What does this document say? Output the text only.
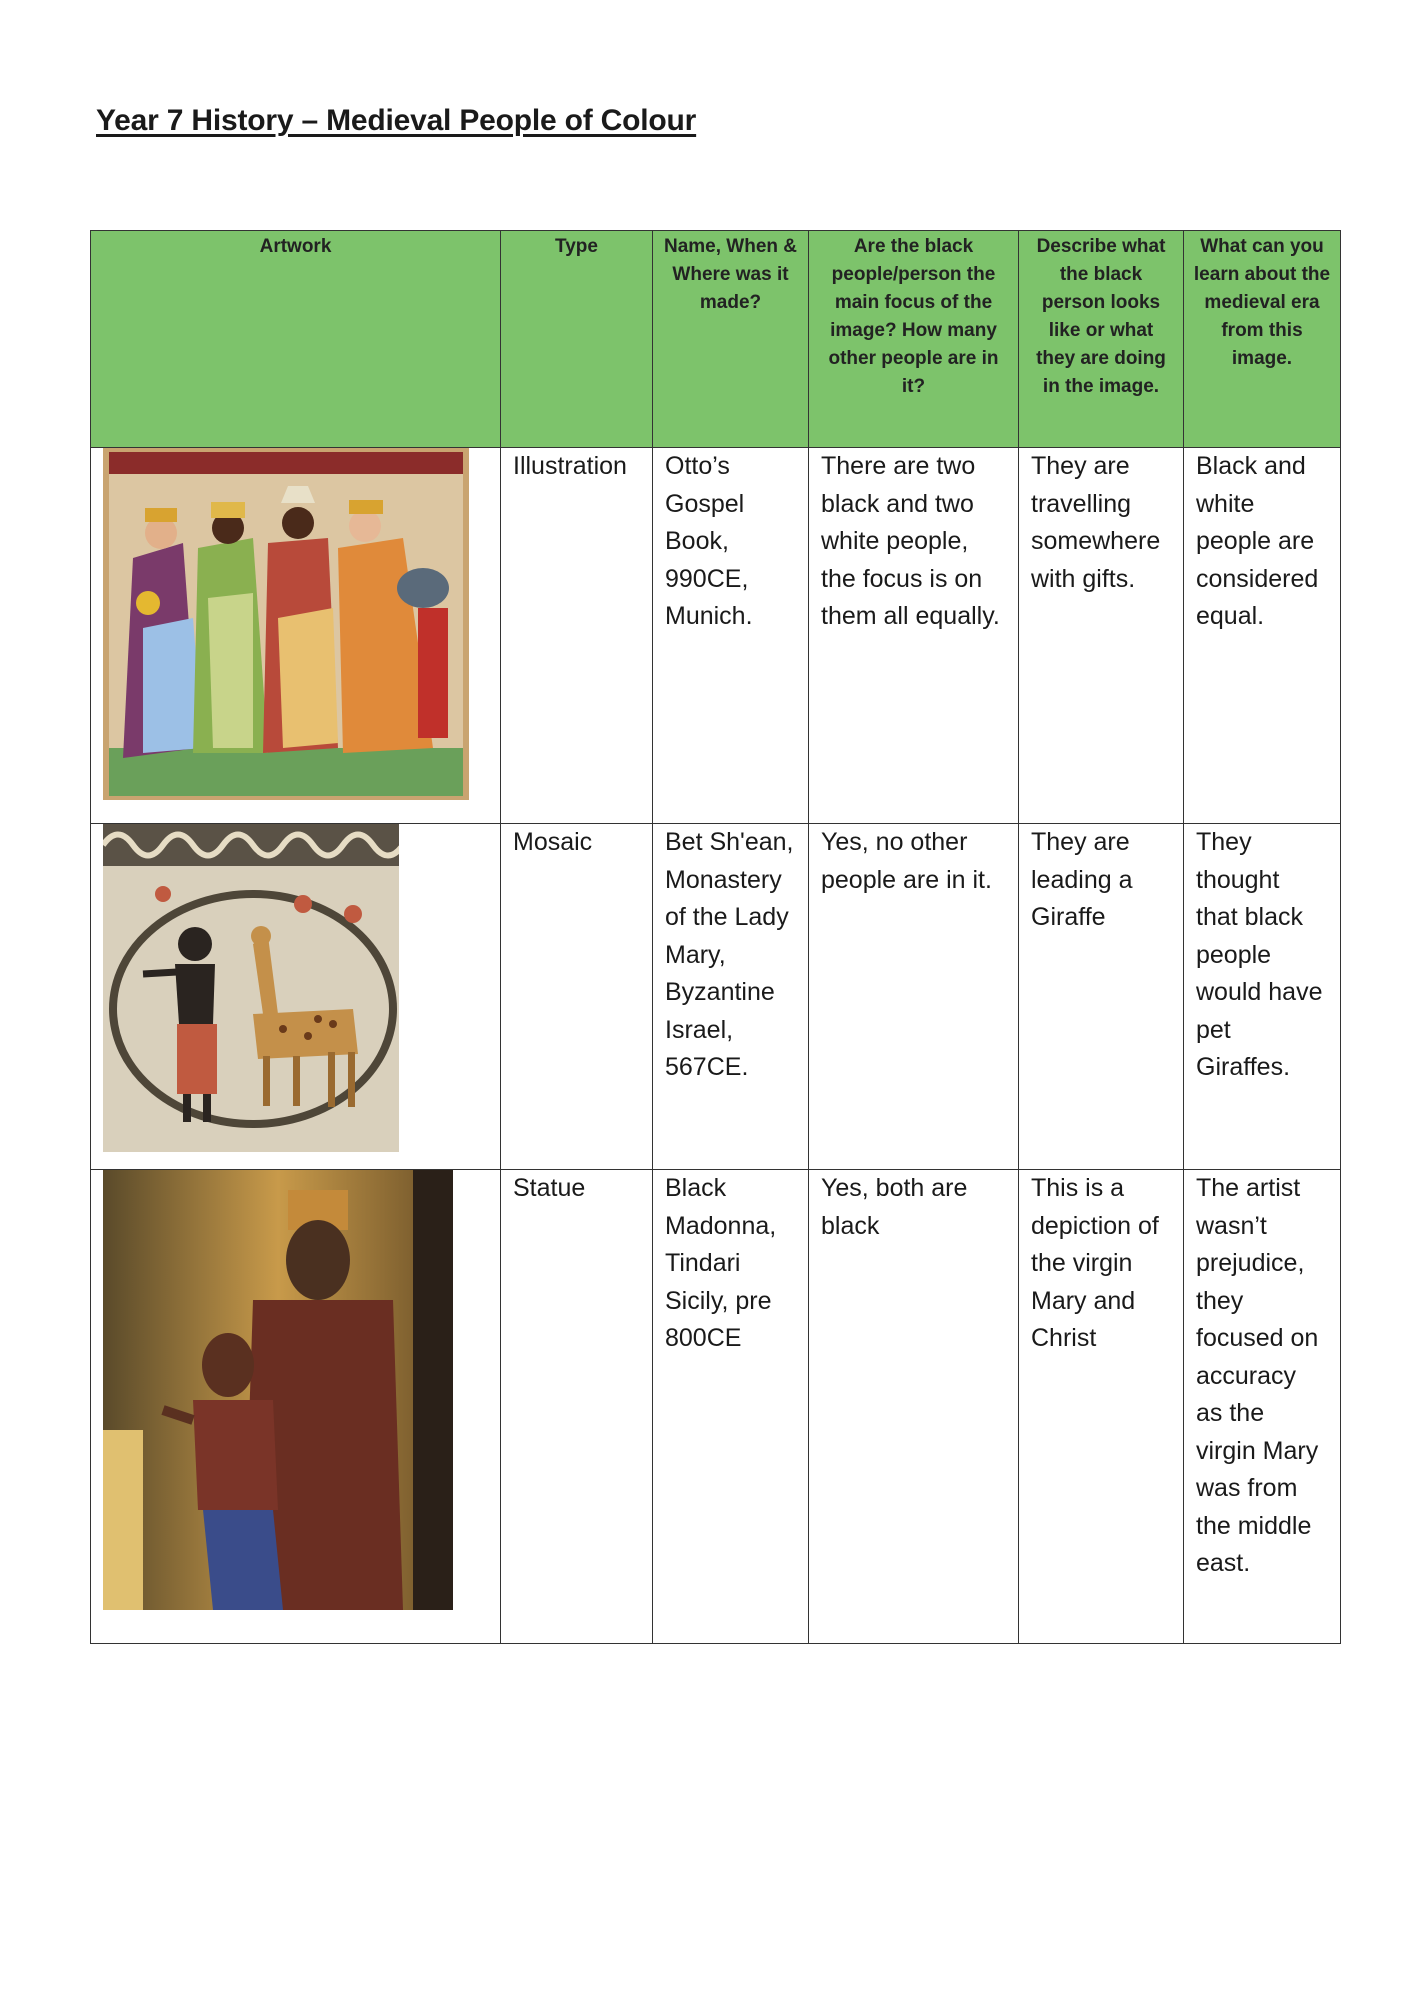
Year 7 History – Medieval People of Colour
Artwork	Type	Name, When & Where was it made?	Are the black people/person the main focus of the image? How many other people are in it?	Describe what the black person looks like or what they are doing in the image.	What can you learn about the medieval era from this image.

	Illustration	Otto’s Gospel Book, 990CE, Munich.	There are two black and two white people, the focus is on them all equally.	They are travelling somewhere with gifts.	Black and white people are considered equal.

	Mosaic	Bet Sh'ean, Monastery of the Lady Mary, Byzantine Israel, 567CE.	Yes, no other people are in it.	They are leading a Giraffe	They thought that black people would have pet Giraffes.

	Statue	Black Madonna, Tindari Sicily, pre 800CE	Yes, both are black	This is a depiction of the virgin Mary and Christ	The artist wasn’t prejudice, they focused on accuracy as the virgin Mary was from the middle east.
